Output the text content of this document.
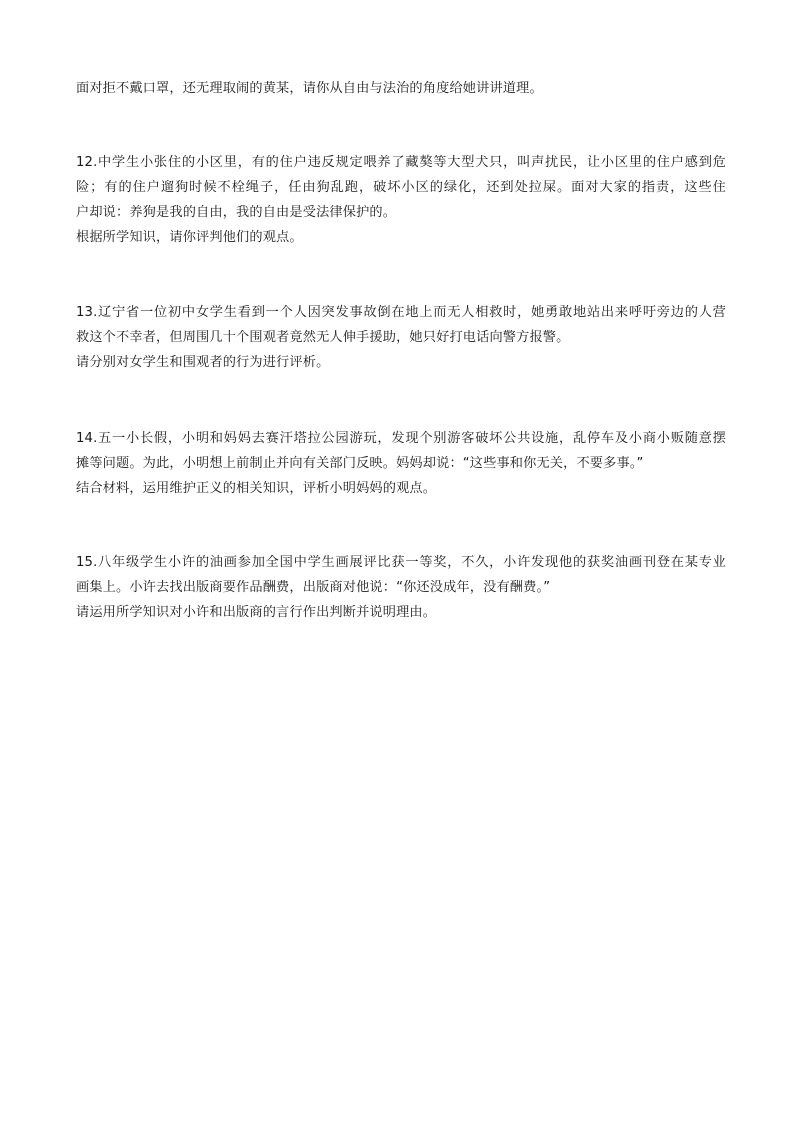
面对拒不戴口罩，还无理取闹的黄某，请你从自由与法治的角度给她讲讲道理。
12.中学生小张住的小区里，有的住户违反规定喂养了藏獒等大型犬只，叫声扰民，让小区里的住户感到危
险；有的住户遛狗时候不栓绳子，任由狗乱跑，破坏小区的绿化，还到处拉屎。面对大家的指责，这些住
户却说：养狗是我的自由，我的自由是受法律保护的。
根据所学知识，请你评判他们的观点。
13.辽宁省一位初中女学生看到一个人因突发事故倒在地上而无人相救时，她勇敢地站出来呼吁旁边的人营
救这个不幸者，但周围几十个围观者竟然无人伸手援助，她只好打电话向警方报警。
请分别对女学生和围观者的行为进行评析。
14.五一小长假，小明和妈妈去赛汗塔拉公园游玩，发现个别游客破坏公共设施，乱停车及小商小贩随意摆
摊等问题。为此，小明想上前制止并向有关部门反映。妈妈却说：“这些事和你无关，不要多事。”
结合材料，运用维护正义的相关知识，评析小明妈妈的观点。
15.八年级学生小许的油画参加全国中学生画展评比获一等奖，不久，小许发现他的获奖油画刊登在某专业
画集上。小许去找出版商要作品酬费，出版商对他说：“你还没成年，没有酬费。”
请运用所学知识对小许和出版商的言行作出判断并说明理由。
